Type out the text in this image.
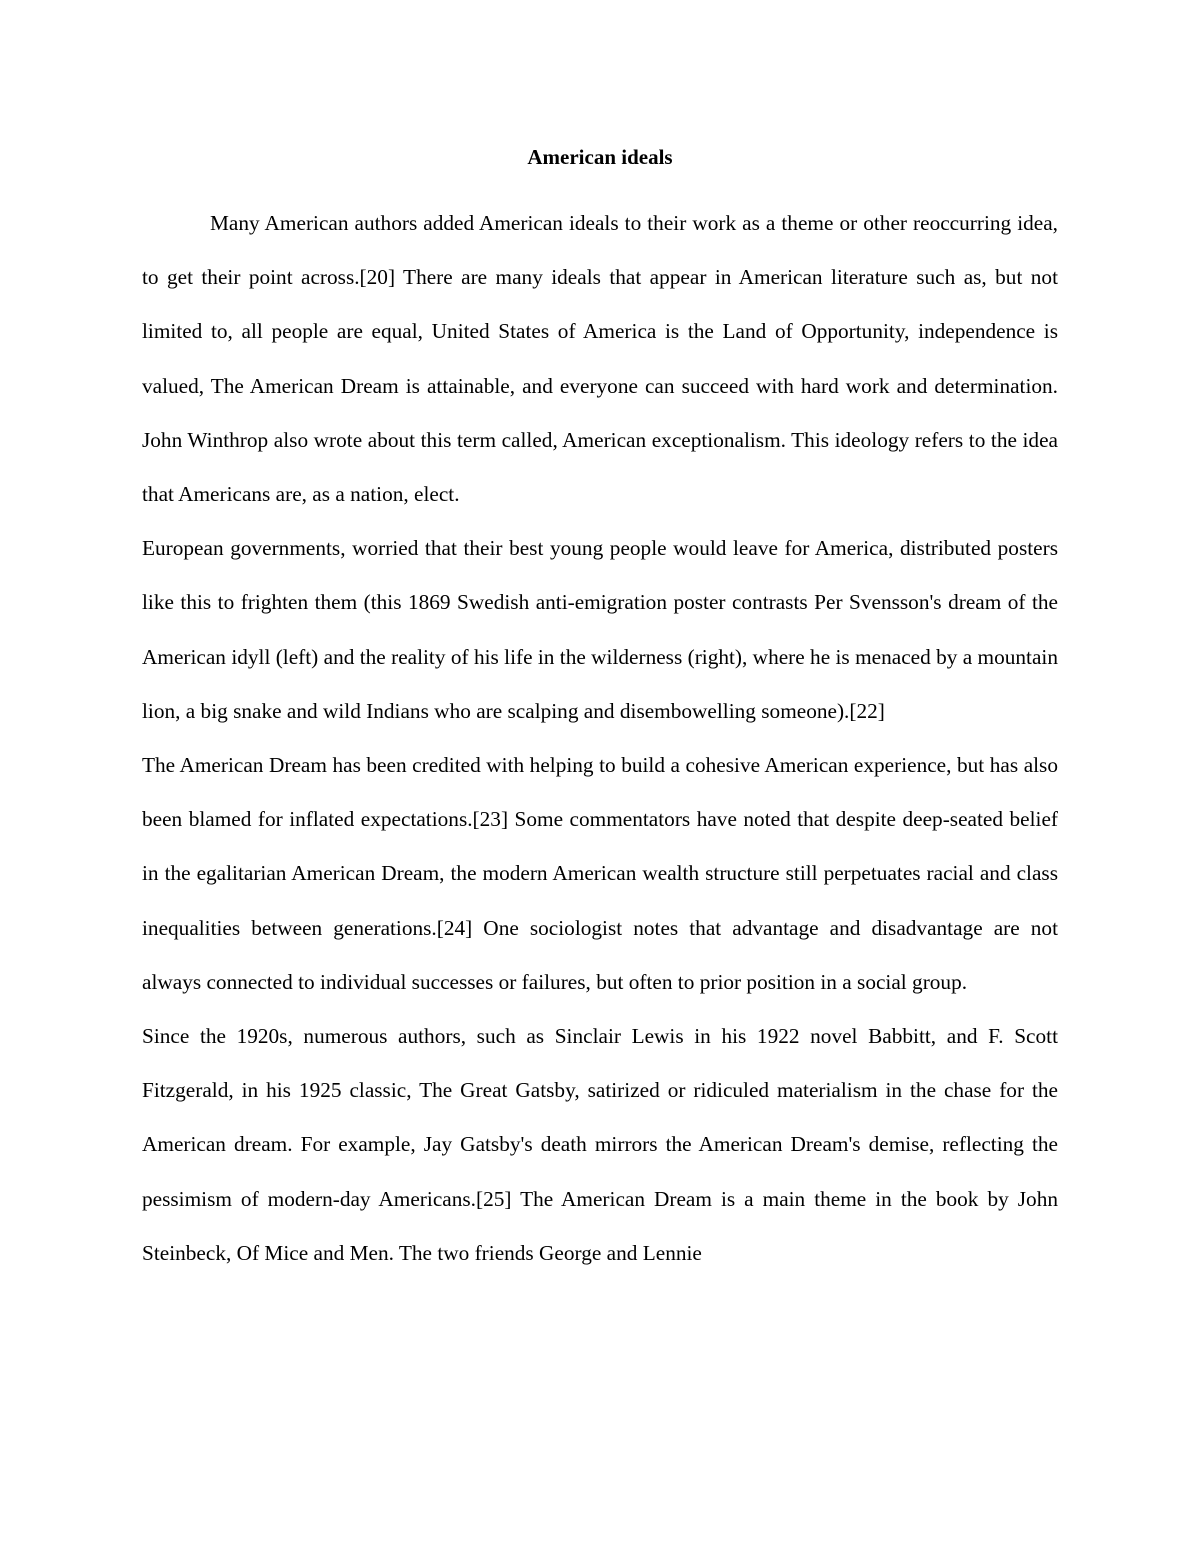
American ideals

Many American authors added American ideals to their work as a theme or other reoccurring idea, to get their point across.[20] There are many ideals that appear in American literature such as, but not limited to, all people are equal, United States of America is the Land of Opportunity, independence is valued, The American Dream is attainable, and everyone can succeed with hard work and determination. John Winthrop also wrote about this term called, American exceptionalism. This ideology refers to the idea that Americans are, as a nation, elect.

European governments, worried that their best young people would leave for America, distributed posters like this to frighten them (this 1869 Swedish anti-emigration poster contrasts Per Svensson's dream of the American idyll (left) and the reality of his life in the wilderness (right), where he is menaced by a mountain lion, a big snake and wild Indians who are scalping and disembowelling someone).[22]

The American Dream has been credited with helping to build a cohesive American experience, but has also been blamed for inflated expectations.[23] Some commentators have noted that despite deep-seated belief in the egalitarian American Dream, the modern American wealth structure still perpetuates racial and class inequalities between generations.[24] One sociologist notes that advantage and disadvantage are not always connected to individual successes or failures, but often to prior position in a social group.

Since the 1920s, numerous authors, such as Sinclair Lewis in his 1922 novel Babbitt, and F. Scott Fitzgerald, in his 1925 classic, The Great Gatsby, satirized or ridiculed materialism in the chase for the American dream. For example, Jay Gatsby's death mirrors the American Dream's demise, reflecting the pessimism of modern-day Americans.[25] The American Dream is a main theme in the book by John Steinbeck, Of Mice and Men. The two friends George and Lennie
